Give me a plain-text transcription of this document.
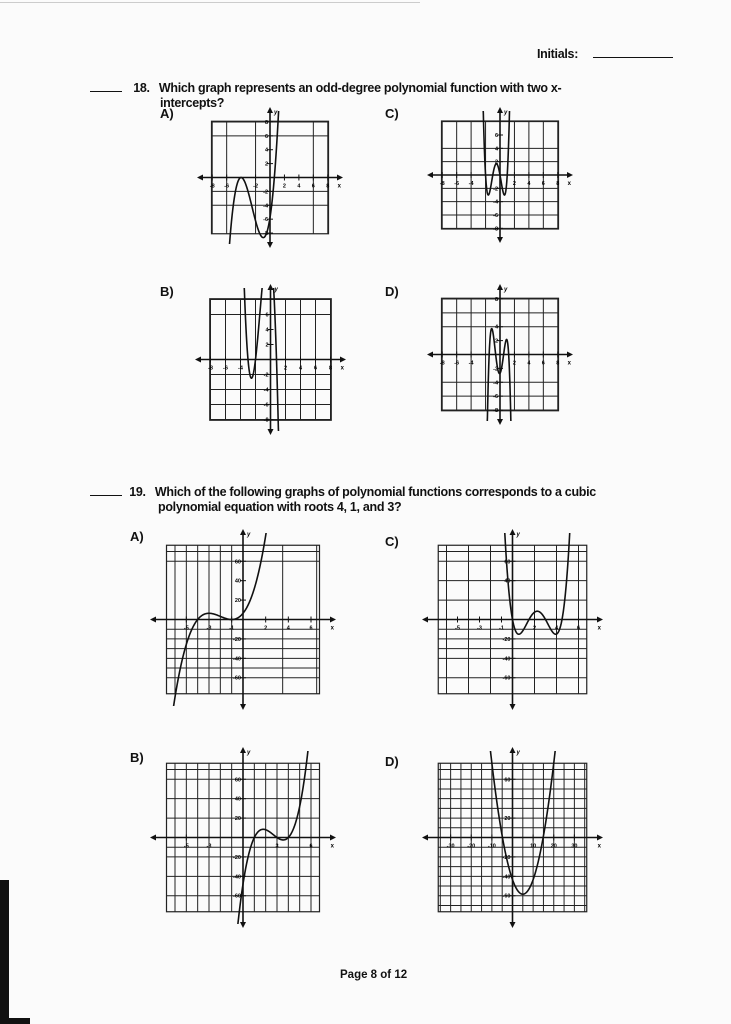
Initials:
18. Which graph represents an odd-degree polynomial function with two x-
intercepts?
19. Which of the following graphs of polynomial functions corresponds to a cubic
polynomial equation with roots 4, 1, and 3?
A)
x
y
-8 -6	-2	2 4 6 8
8
6
4
2
-2
-4
-6
-8
C)
x
y
-8 -6 -4	2 4 6 8
6
4
2
-2
-4
-6
-8
B)
x
y
-8 -6 -4	2 4 6 8
6
4
2
-2
-4
-6
-8
D)
x
y
-8 -6 -4	2 4 6 8
8
4
2
-2
-4
-6
-8
A)
x
y
-5	-3	-1	2	4	6
60
40
20
-20
-40
-60
C)
x
y
-5	-3	-1	2	4	6
60
40
-20
-40
-60
B)
x
y
-5	-3	3	6
60
40
20
-20
-40
-60
D)
x
y
-30 -20 -10	10	20	30
60
20
-20
-40
-60
Page 8 of 12
